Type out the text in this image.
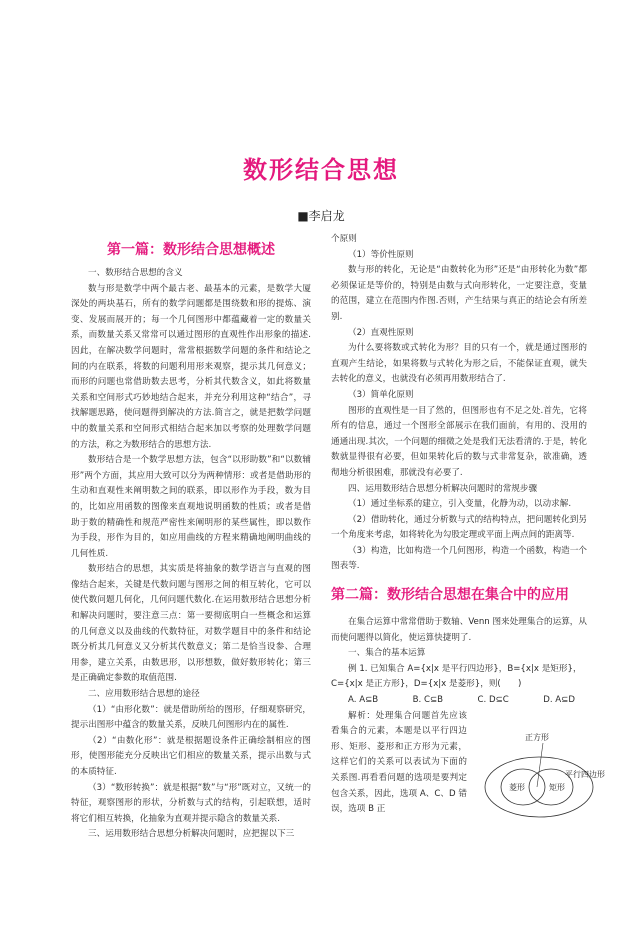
数形结合思想
■李启龙
第一篇：数形结合思想概述

一、数形结合思想的含义

数与形是数学中两个最古老、最基本的元素，是数学大厦深处的两块基石，所有的数学问题都是围绕数和形的提炼、演变、发展而展开的；每一个几何图形中都蕴藏着一定的数量关系，而数量关系又常常可以通过图形的直观性作出形象的描述.因此，在解决数学问题时，常常根据数学问题的条件和结论之间的内在联系，将数的问题利用形来观察，提示其几何意义；而形的问题也常借助数去思考，分析其代数含义，如此将数量关系和空间形式巧妙地结合起来，并充分利用这种“结合”，寻找解题思路，使问题得到解决的方法.简言之，就是把数学问题中的数量关系和空间形式相结合起来加以考察的处理数学问题的方法，称之为数形结合的思想方法.

数形结合是一个数学思想方法，包含“以形助数”和“以数辅形”两个方面，其应用大致可以分为两种情形：或者是借助形的生动和直观性来阐明数之间的联系，即以形作为手段，数为目的，比如应用函数的图像来直观地说明函数的性质；或者是借助于数的精确性和规范严密性来阐明形的某些属性，即以数作为手段，形作为目的，如应用曲线的方程来精确地阐明曲线的几何性质.

数形结合的思想，其实质是将抽象的数学语言与直观的图像结合起来，关键是代数问题与图形之间的相互转化，它可以使代数问题几何化，几何问题代数化.在运用数形结合思想分析和解决问题时，要注意三点：第一要彻底明白一些概念和运算的几何意义以及曲线的代数特征，对数学题目中的条件和结论既分析其几何意义又分析其代数意义；第二是恰当设参、合理用参，建立关系，由数思形，以形想数，做好数形转化；第三是正确确定参数的取值范围.

二、应用数形结合思想的途径

（1）“由形化数”：就是借助所给的图形，仔细观察研究，提示出图形中蕴含的数量关系，反映几何图形内在的属性.

（2）“由数化形”：就是根据题设条件正确绘制相应的图形，使图形能充分反映出它们相应的数量关系，提示出数与式的本质特征.

（3）“数形转换”：就是根据“数”与“形”既对立，又统一的特征，观察图形的形状，分析数与式的结构，引起联想，适时将它们相互转换，化抽象为直观并提示隐含的数量关系.

三、运用数形结合思想分析解决问题时，应把握以下三

个原则

（1）等价性原则

数与形的转化，无论是“由数转化为形”还是“由形转化为数”都必须保证是等价的，特别是由数与式向形转化，一定要注意，变量的范围，建立在范围内作图.否则，产生结果与真正的结论会有所差别.

（2）直观性原则

为什么要将数或式转化为形？目的只有一个，就是通过图形的直观产生结论，如果将数与式转化为形之后，不能保证直观，就失去转化的意义，也就没有必须再用数形结合了.

（3）简单化原则

图形的直观性是一目了然的，但图形也有不足之处.首先，它将所有的信息，通过一个图形全部展示在我们面前，有用的、没用的通通出现.其次，一个问题的细微之处是我们无法看清的.于是，转化数就显得很有必要，但如果转化后的数与式非常复杂，欲准确，透彻地分析很困难，那就没有必要了.

四、运用数形结合思想分析解决问题时的常规步骤

（1）通过坐标系的建立，引入变量，化静为动，以动求解.

（2）借助转化，通过分析数与式的结构特点，把问题转化到另一个角度来考虑，如将转化为勾股定理或平面上两点间的距离等.

（3）构造，比如构造一个几何图形，构造一个函数，构造一个图表等.

第二篇：数形结合思想在集合中的应用

在集合运算中常常借助于数轴、Venn 图来处理集合的运算，从而使问题得以简化，使运算快捷明了.

一、集合的基本运算

例 1. 已知集合 A={x|x 是平行四边形}，B={x|x 是矩形}，

C={x|x 是正方形}，D={x|x 是菱形}，则(　　)

A. A⊆B	B. C⊆B	C. D⊆C	D. A⊆D

解析：处理集合问题首先应该看集合的元素，本题是以平行四边形、矩形、菱形和正方形为元素，这样它们的关系可以表试为下面的关系图.再看看问题的选项是要判定包含关系，因此，选项 A、C、D 错误，选项 B 正

正方形
菱形	矩形
平行四边形
